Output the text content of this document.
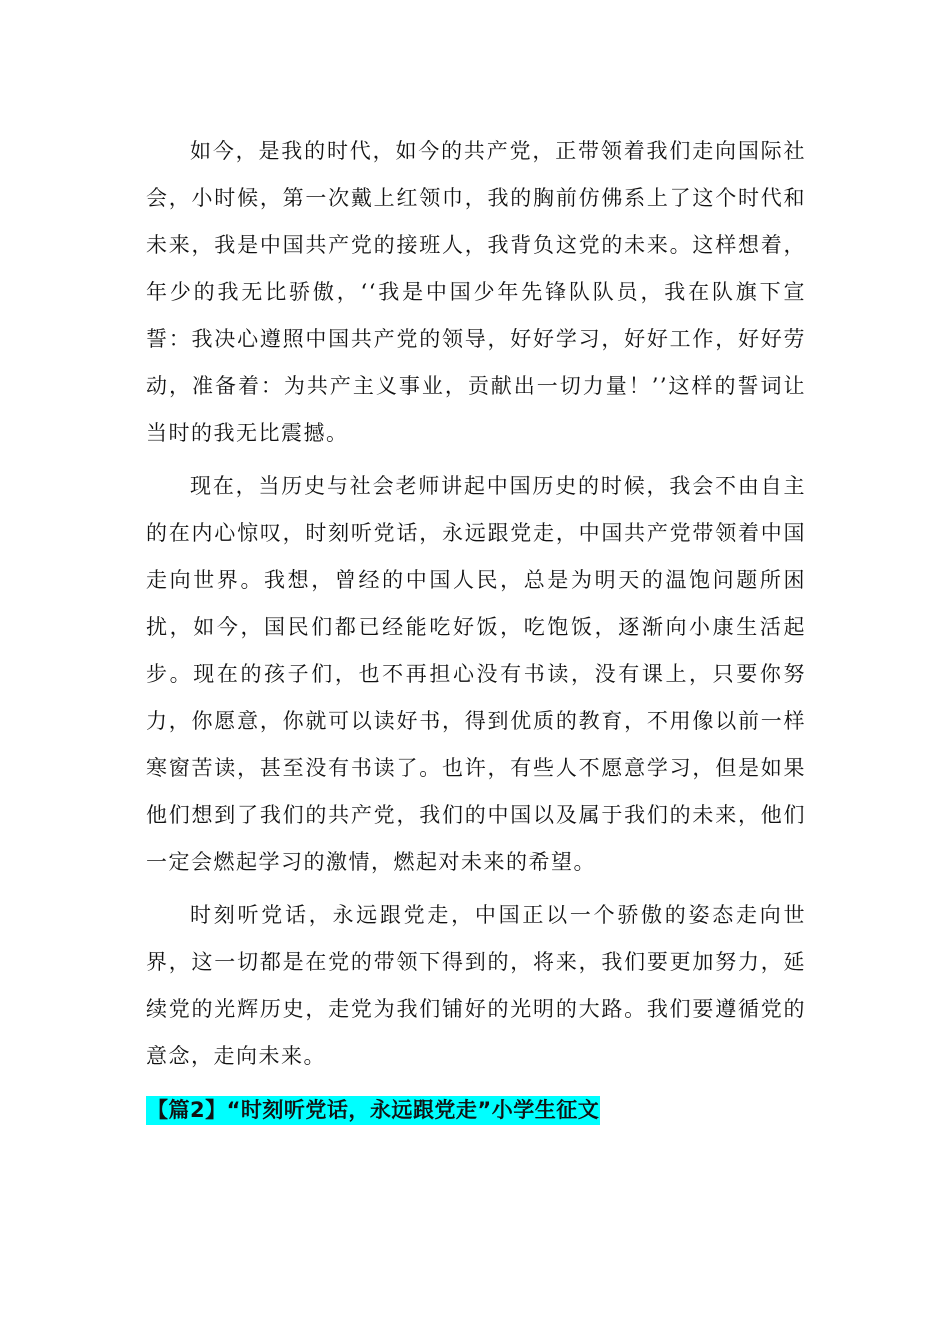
如今，是我的时代，如今的共产党，正带领着我们走向国际社会，小时候，第一次戴上红领巾，我的胸前仿佛系上了这个时代和未来，我是中国共产党的接班人，我背负这党的未来。这样想着，年少的我无比骄傲，‘‘我是中国少年先锋队队员，我在队旗下宣誓：我决心遵照中国共产党的领导，好好学习，好好工作，好好劳动，准备着：为共产主义事业，贡献出一切力量！’’这样的誓词让当时的我无比震撼。

现在，当历史与社会老师讲起中国历史的时候，我会不由自主的在内心惊叹，时刻听党话，永远跟党走，中国共产党带领着中国走向世界。我想，曾经的中国人民，总是为明天的温饱问题所困扰，如今，国民们都已经能吃好饭，吃饱饭，逐渐向小康生活起步。现在的孩子们，也不再担心没有书读，没有课上，只要你努力，你愿意，你就可以读好书，得到优质的教育，不用像以前一样寒窗苦读，甚至没有书读了。也许，有些人不愿意学习，但是如果他们想到了我们的共产党，我们的中国以及属于我们的未来，他们一定会燃起学习的激情，燃起对未来的希望。

时刻听党话，永远跟党走，中国正以一个骄傲的姿态走向世界，这一切都是在党的带领下得到的，将来，我们要更加努力，延续党的光辉历史，走党为我们铺好的光明的大路。我们要遵循党的意念，走向未来。

【篇2】“时刻听党话，永远跟党走”小学生征文
